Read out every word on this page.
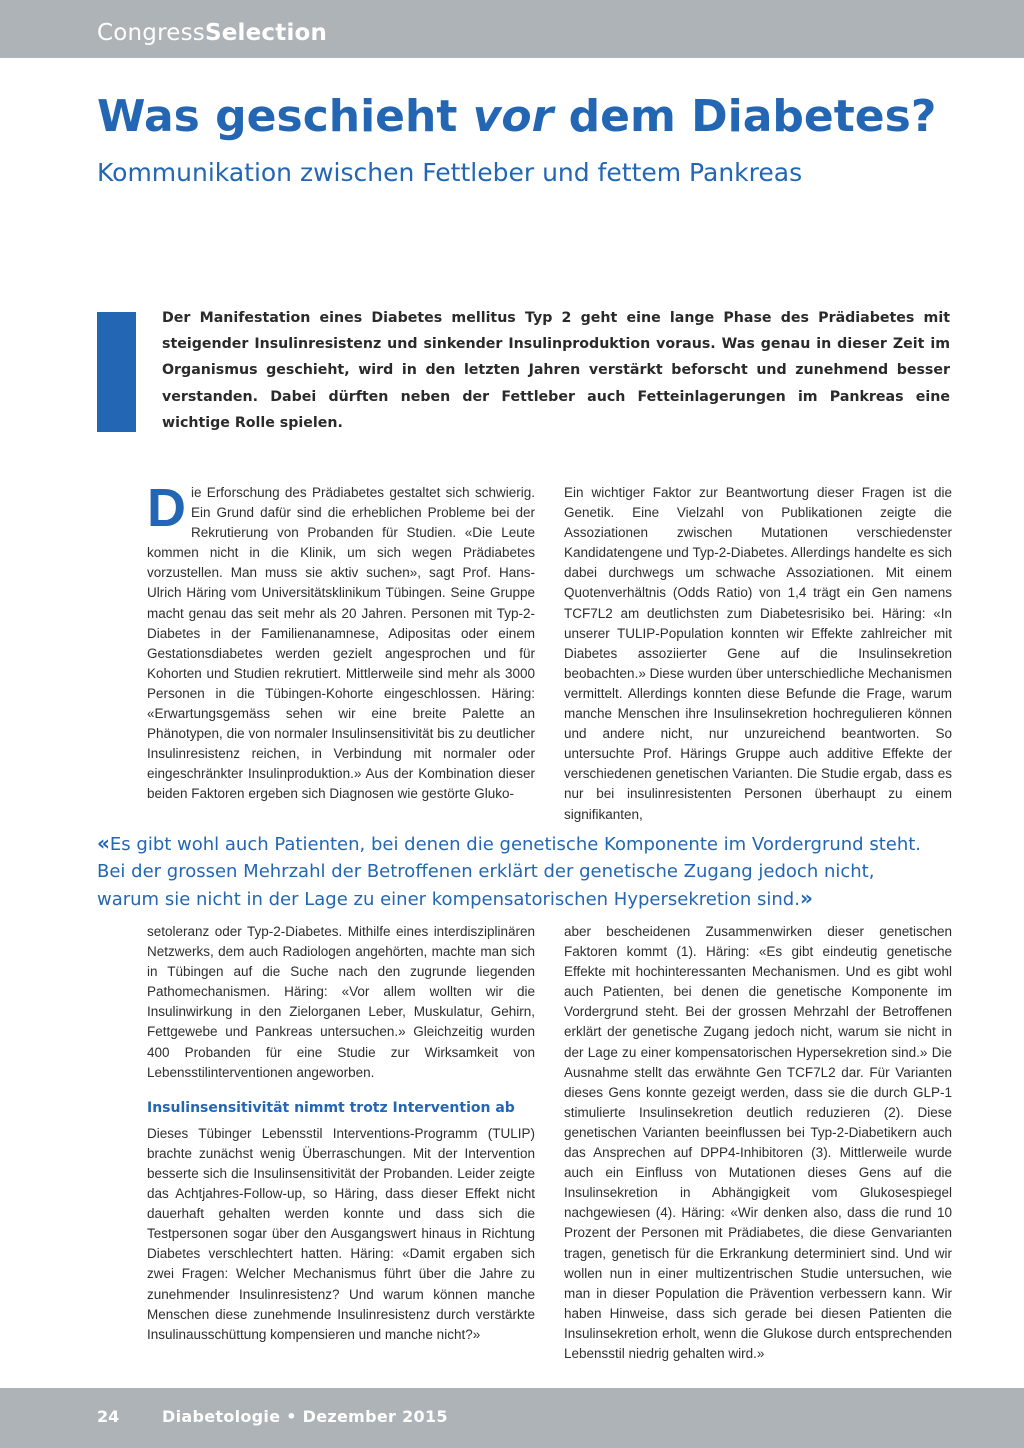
CongressSelection
Was geschieht vor dem Diabetes?
Kommunikation zwischen Fettleber und fettem Pankreas

Der Manifestation eines Diabetes mellitus Typ 2 geht eine lange Phase des Prädiabetes mit steigender Insulinresistenz und sinkender Insulinproduktion voraus. Was genau in dieser Zeit im Organismus geschieht, wird in den letzten Jahren verstärkt beforscht und zunehmend besser verstanden. Dabei dürften neben der Fettleber auch Fetteinlagerungen im Pankreas eine wichtige Rolle spielen.

Die Erforschung des Prädiabetes gestaltet sich schwierig. Ein Grund dafür sind die erheblichen Probleme bei der Rekrutierung von Probanden für Studien. «Die Leute kommen nicht in die Klinik, um sich wegen Prädiabetes vorzustellen. Man muss sie aktiv suchen», sagt Prof. Hans-Ulrich Häring vom Universitätsklinikum Tübingen. Seine Gruppe macht genau das seit mehr als 20 Jahren. Personen mit Typ-2-Diabetes in der Familienanamnese, Adipositas oder einem Gestationsdiabetes werden gezielt angesprochen und für Kohorten und Studien rekrutiert. Mittlerweile sind mehr als 3000 Personen in die Tübingen-Kohorte eingeschlossen. Häring: «Erwartungsgemäss sehen wir eine breite Palette an Phänotypen, die von normaler Insulinsensitivität bis zu deutlicher Insulinresistenz reichen, in Verbindung mit normaler oder eingeschränkter Insulinproduktion.» Aus der Kombination dieser beiden Faktoren ergeben sich Diagnosen wie gestörte Gluko-

Ein wichtiger Faktor zur Beantwortung dieser Fragen ist die Genetik. Eine Vielzahl von Publikationen zeigte die Assoziationen zwischen Mutationen verschiedenster Kandidatengene und Typ-2-Diabetes. Allerdings handelte es sich dabei durchwegs um schwache Assoziationen. Mit einem Quotenverhältnis (Odds Ratio) von 1,4 trägt ein Gen namens TCF7L2 am deutlichsten zum Diabetesrisiko bei. Häring: «In unserer TULIP-Population konnten wir Effekte zahlreicher mit Diabetes assoziierter Gene auf die Insulinsekretion beobachten.» Diese wurden über unterschiedliche Mechanismen vermittelt. Allerdings konnten diese Befunde die Frage, warum manche Menschen ihre Insulinsekretion hochregulieren können und andere nicht, nur unzureichend beantworten. So untersuchte Prof. Härings Gruppe auch additive Effekte der verschiedenen genetischen Varianten. Die Studie ergab, dass es nur bei insulinresistenten Personen überhaupt zu einem signifikanten,

«Es gibt wohl auch Patienten, bei denen die genetische Komponente im Vordergrund steht. Bei der grossen Mehrzahl der Betroffenen erklärt der genetische Zugang jedoch nicht, warum sie nicht in der Lage zu einer kompensatorischen Hypersekretion sind.»

setoleranz oder Typ-2-Diabetes. Mithilfe eines interdisziplinären Netzwerks, dem auch Radiologen angehörten, machte man sich in Tübingen auf die Suche nach den zugrunde liegenden Pathomechanismen. Häring: «Vor allem wollten wir die Insulinwirkung in den Zielorganen Leber, Muskulatur, Gehirn, Fettgewebe und Pankreas untersuchen.» Gleichzeitig wurden 400 Probanden für eine Studie zur Wirksamkeit von Lebensstilinterventionen angeworben.

Insulinsensitivität nimmt trotz Intervention ab

Dieses Tübinger Lebensstil Interventions-Programm (TULIP) brachte zunächst wenig Überraschungen. Mit der Intervention besserte sich die Insulinsensitivität der Probanden. Leider zeigte das Achtjahres-Follow-up, so Häring, dass dieser Effekt nicht dauerhaft gehalten werden konnte und dass sich die Testpersonen sogar über den Ausgangswert hinaus in Richtung Diabetes verschlechtert hatten. Häring: «Damit ergaben sich zwei Fragen: Welcher Mechanismus führt über die Jahre zu zunehmender Insulinresistenz? Und warum können manche Menschen diese zunehmende Insulinresistenz durch verstärkte Insulinausschüttung kompensieren und manche nicht?»

aber bescheidenen Zusammenwirken dieser genetischen Faktoren kommt (1). Häring: «Es gibt eindeutig genetische Effekte mit hochinteressanten Mechanismen. Und es gibt wohl auch Patienten, bei denen die genetische Komponente im Vordergrund steht. Bei der grossen Mehrzahl der Betroffenen erklärt der genetische Zugang jedoch nicht, warum sie nicht in der Lage zu einer kompensatorischen Hypersekretion sind.» Die Ausnahme stellt das erwähnte Gen TCF7L2 dar. Für Varianten dieses Gens konnte gezeigt werden, dass sie die durch GLP-1 stimulierte Insulinsekretion deutlich reduzieren (2). Diese genetischen Varianten beeinflussen bei Typ-2-Diabetikern auch das Ansprechen auf DPP4-Inhibitoren (3). Mittlerweile wurde auch ein Einfluss von Mutationen dieses Gens auf die Insulinsekretion in Abhängigkeit vom Glukosespiegel nachgewiesen (4). Häring: «Wir denken also, dass die rund 10 Prozent der Personen mit Prädiabetes, die diese Genvarianten tragen, genetisch für die Erkrankung determiniert sind. Und wir wollen nun in einer multizentrischen Studie untersuchen, wie man in dieser Population die Prävention verbessern kann. Wir haben Hinweise, dass sich gerade bei diesen Patienten die Insulinsekretion erholt, wenn die Glukose durch entsprechenden Lebensstil niedrig gehalten wird.»

24	Diabetologie • Dezember 2015
